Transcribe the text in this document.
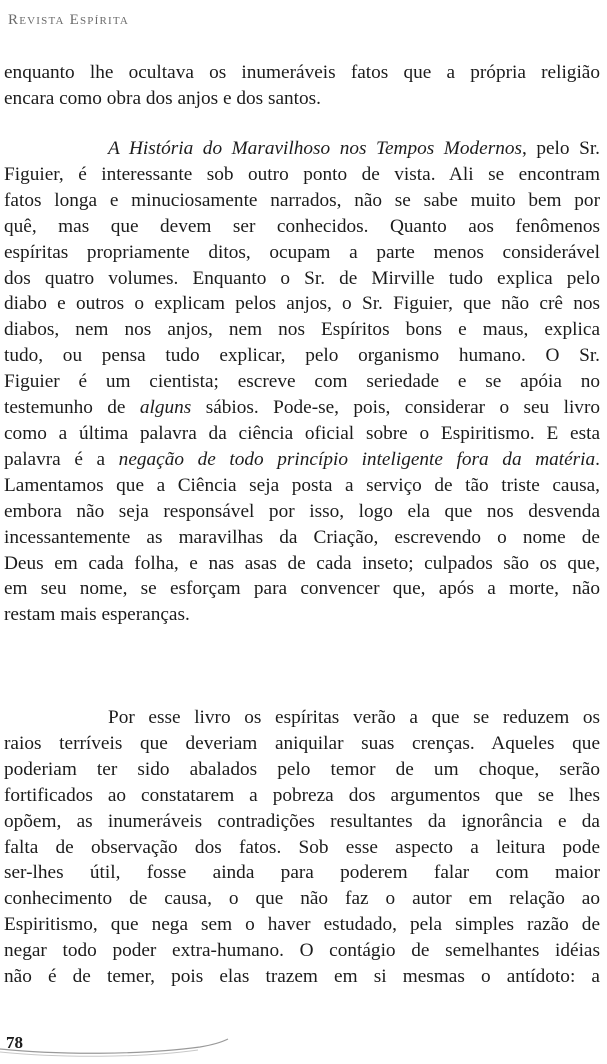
Revista Espírita
enquanto lhe ocultava os inumeráveis fatos que a própria religião
encara como obra dos anjos e dos santos.
A História do Maravilhoso nos Tempos Modernos, pelo Sr.
Figuier, é interessante sob outro ponto de vista. Ali se encontram
fatos longa e minuciosamente narrados, não se sabe muito bem por
quê, mas que devem ser conhecidos. Quanto aos fenômenos
espíritas propriamente ditos, ocupam a parte menos considerável
dos quatro volumes. Enquanto o Sr. de Mirville tudo explica pelo
diabo e outros o explicam pelos anjos, o Sr. Figuier, que não crê nos
diabos, nem nos anjos, nem nos Espíritos bons e maus, explica
tudo, ou pensa tudo explicar, pelo organismo humano. O Sr.
Figuier é um cientista; escreve com seriedade e se apóia no
testemunho de alguns sábios. Pode-se, pois, considerar o seu livro
como a última palavra da ciência oficial sobre o Espiritismo. E esta
palavra é a negação de todo princípio inteligente fora da matéria.
Lamentamos que a Ciência seja posta a serviço de tão triste causa,
embora não seja responsável por isso, logo ela que nos desvenda
incessantemente as maravilhas da Criação, escrevendo o nome de
Deus em cada folha, e nas asas de cada inseto; culpados são os que,
em seu nome, se esforçam para convencer que, após a morte, não
restam mais esperanças.
Por esse livro os espíritas verão a que se reduzem os
raios terríveis que deveriam aniquilar suas crenças. Aqueles que
poderiam ter sido abalados pelo temor de um choque, serão
fortificados ao constatarem a pobreza dos argumentos que se lhes
opõem, as inumeráveis contradições resultantes da ignorância e da
falta de observação dos fatos. Sob esse aspecto a leitura pode
ser-lhes útil, fosse ainda para poderem falar com maior
conhecimento de causa, o que não faz o autor em relação ao
Espiritismo, que nega sem o haver estudado, pela simples razão de
negar todo poder extra-humano. O contágio de semelhantes idéias
não é de temer, pois elas trazem em si mesmas o antídoto: a
78
